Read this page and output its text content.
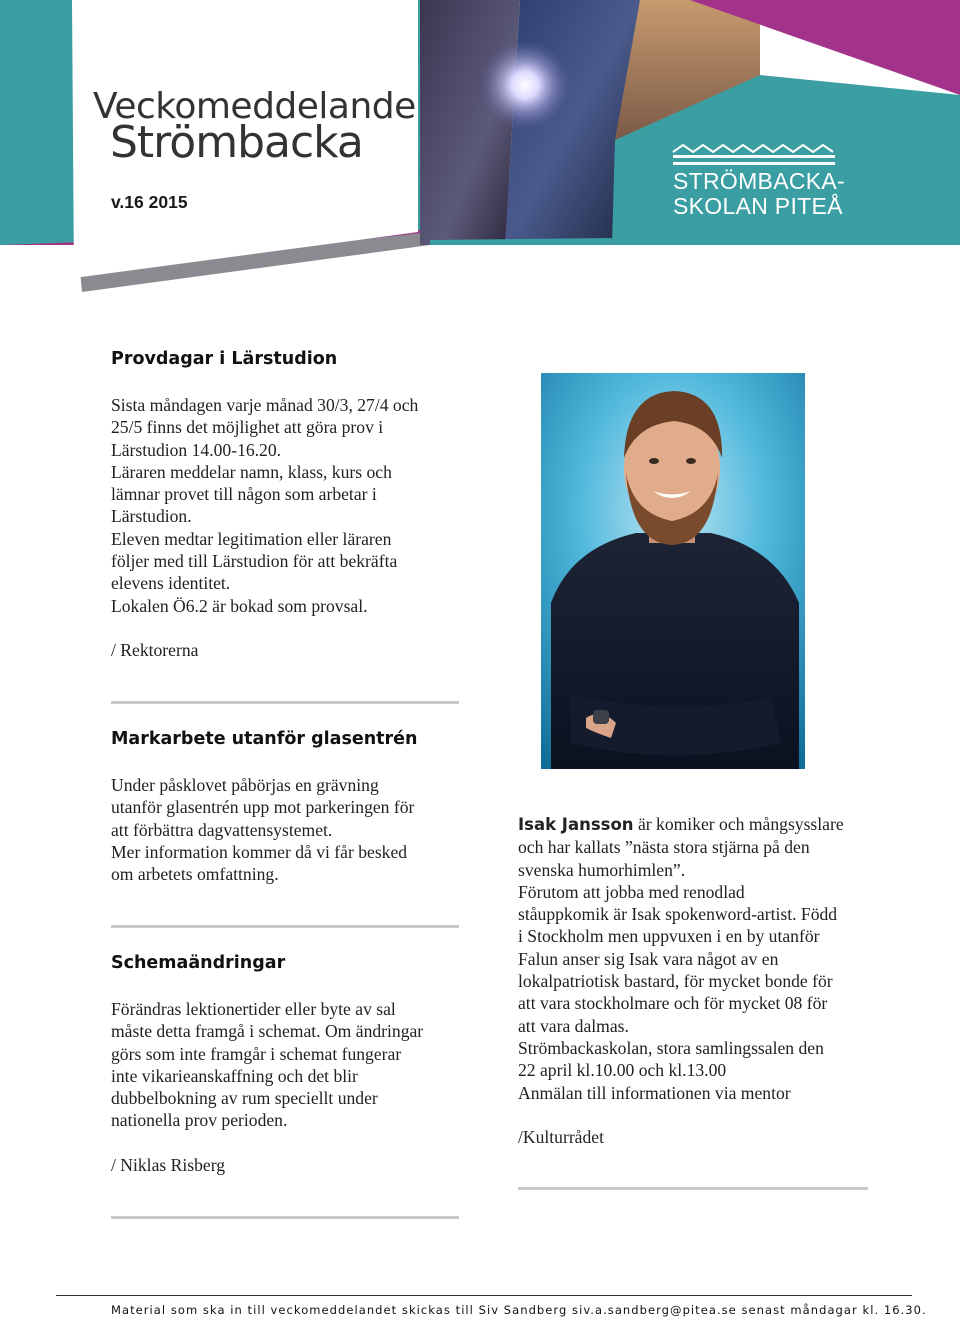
Veckomeddelande
Strömbacka
v.16 2015
STRÖMBACKA-
SKOLAN PITEÅ
Provdagar i Lärstudion
Sista måndagen varje månad 30/3, 27/4 och
25/5 finns det möjlighet att göra prov i
Lärstudion 14.00-16.20.
Läraren meddelar namn, klass, kurs och
lämnar provet till någon som arbetar i
Lärstudion.
Eleven medtar legitimation eller läraren
följer med till Lärstudion för att bekräfta
elevens identitet.
Lokalen Ö6.2 är bokad som provsal.
/ Rektorerna
Markarbete utanför glasentrén
Under påsklovet påbörjas en grävning
utanför glasentrén upp mot parkeringen för
att förbättra dagvattensystemet.
Mer information kommer då vi får besked
om arbetets omfattning.
Schemaändringar
Förändras lektionertider eller byte av sal
måste detta framgå i schemat. Om ändringar
görs som inte framgår i schemat fungerar
inte vikarieanskaffning och det blir
dubbelbokning av rum speciellt under
nationella prov perioden.
/ Niklas Risberg
Isak Jansson är komiker och mångsysslare
och har kallats ”nästa stora stjärna på den
svenska humorhimlen”.
Förutom att jobba med renodlad
ståuppkomik är Isak spokenword-artist. Född
i Stockholm men uppvuxen i en by utanför
Falun anser sig Isak vara något av en
lokalpatriotisk bastard, för mycket bonde för
att vara stockholmare och för mycket 08 för
att vara dalmas.
Strömbackaskolan, stora samlingssalen den
22 april kl.10.00 och kl.13.00
Anmälan till informationen via mentor
/Kulturrådet
Material som ska in till veckomeddelandet skickas till Siv Sandberg siv.a.sandberg@pitea.se senast måndagar kl. 16.30.
